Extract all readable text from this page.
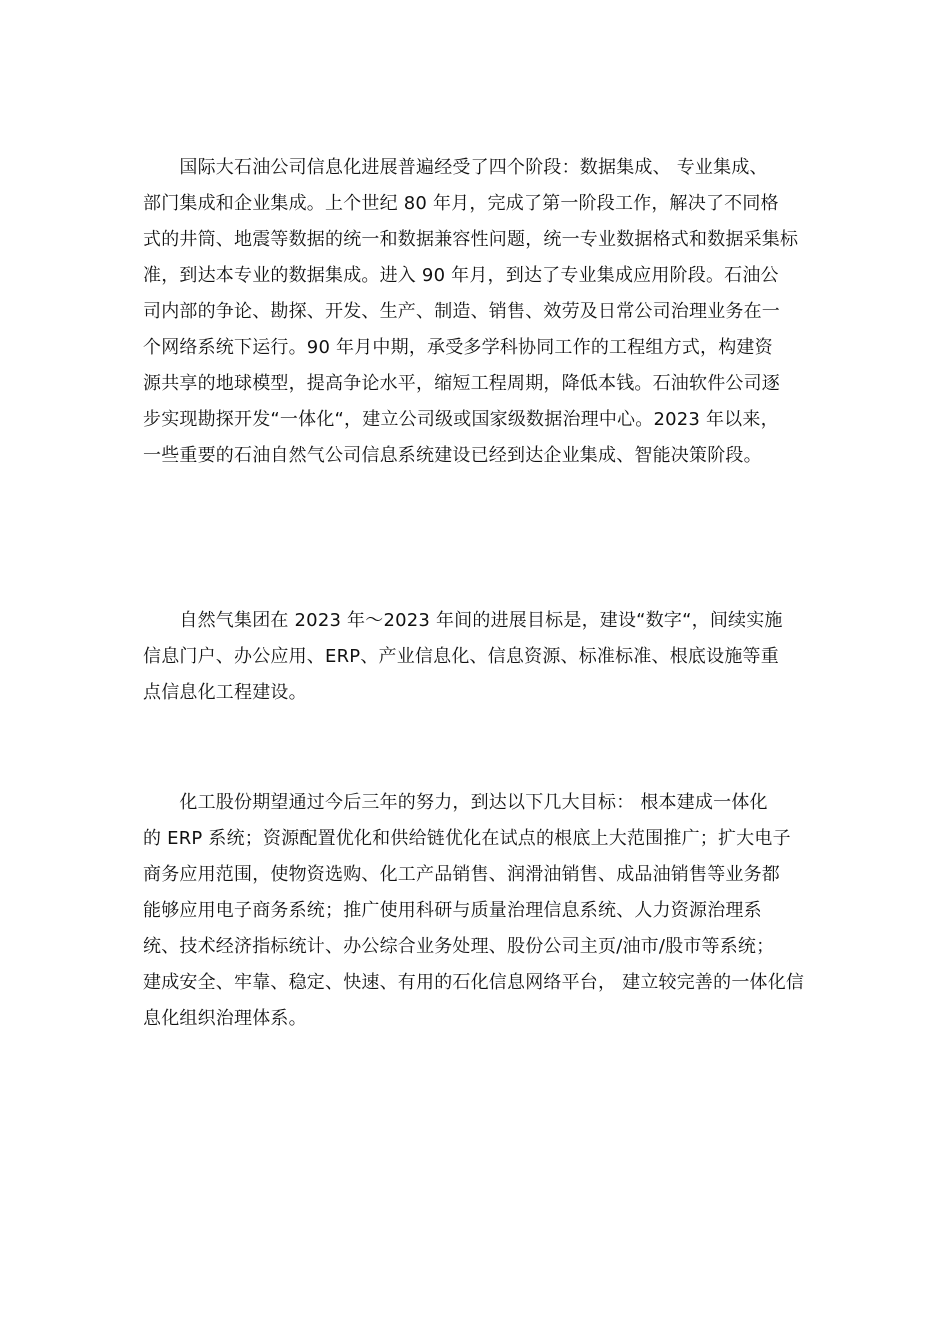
　　国际大石油公司信息化进展普遍经受了四个阶段：数据集成、 专业集成、
部门集成和企业集成。上个世纪 80 年月，完成了第一阶段工作，解决了不同格
式的井筒、地震等数据的统一和数据兼容性问题，统一专业数据格式和数据采集标
准，到达本专业的数据集成。进入 90 年月，到达了专业集成应用阶段。石油公
司内部的争论、勘探、开发、生产、制造、销售、效劳及日常公司治理业务在一
个网络系统下运行。90 年月中期，承受多学科协同工作的工程组方式，构建资
源共享的地球模型，提高争论水平，缩短工程周期，降低本钱。石油软件公司逐
步实现勘探开发“一体化“，建立公司级或国家级数据治理中心。2023 年以来，
一些重要的石油自然气公司信息系统建设已经到达企业集成、智能决策阶段。
　　自然气集团在 2023 年～2023 年间的进展目标是，建设“数字“，间续实施
信息门户、办公应用、ERP、产业信息化、信息资源、标准标准、根底设施等重
点信息化工程建设。
　　化工股份期望通过今后三年的努力，到达以下几大目标： 根本建成一体化
的 ERP 系统；资源配置优化和供给链优化在试点的根底上大范围推广；扩大电子
商务应用范围，使物资选购、化工产品销售、润滑油销售、成品油销售等业务都
能够应用电子商务系统；推广使用科研与质量治理信息系统、人力资源治理系
统、技术经济指标统计、办公综合业务处理、股份公司主页/油市/股市等系统；
建成安全、牢靠、稳定、快速、有用的石化信息网络平台， 建立较完善的一体化信
息化组织治理体系。
